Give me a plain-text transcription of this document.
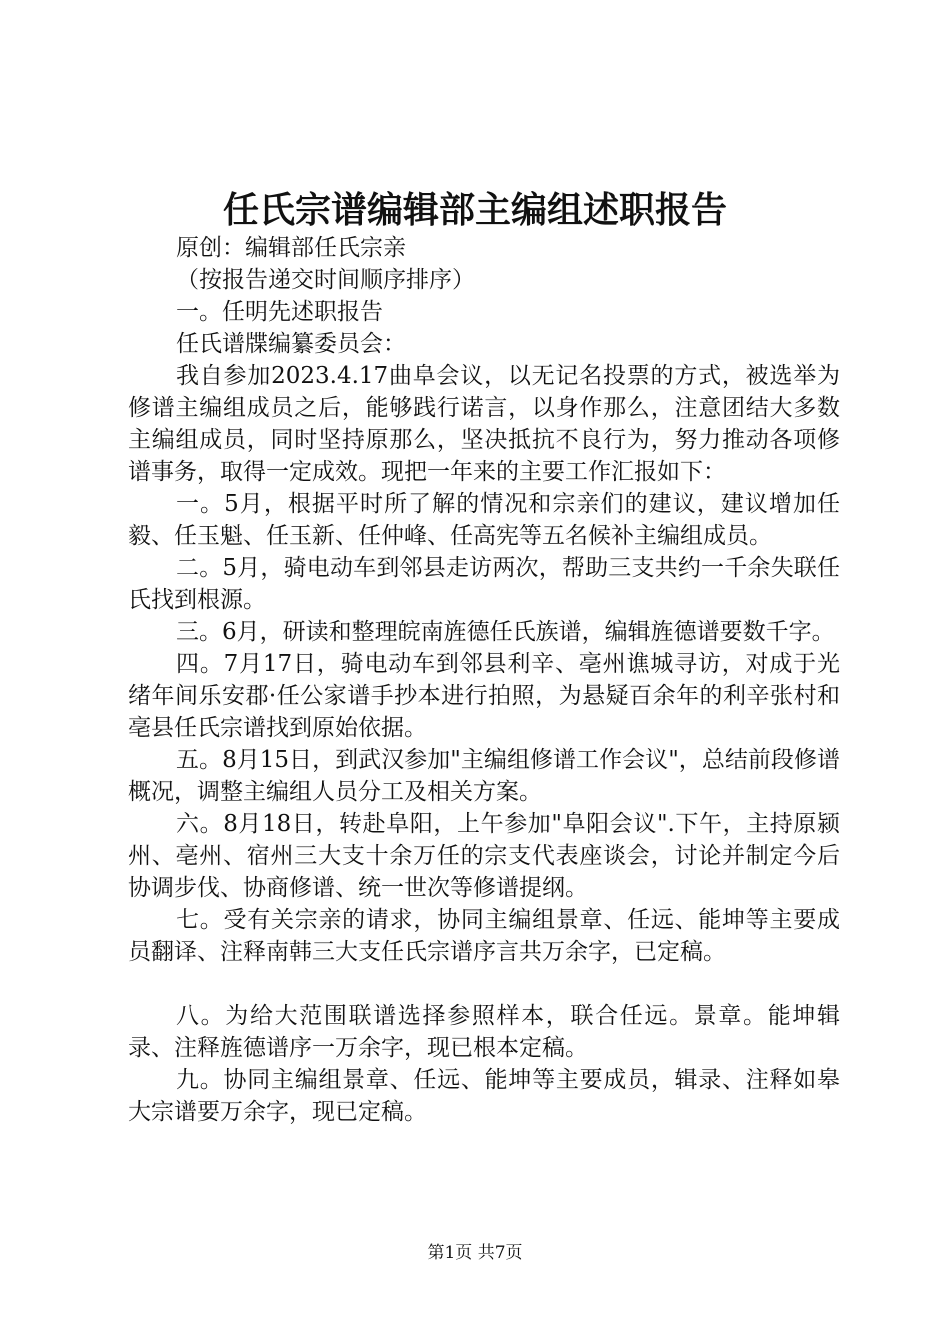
任氏宗谱编辑部主编组述职报告

原创：编辑部任氏宗亲

（按报告递交时间顺序排序）

一。任明先述职报告

任氏谱牒编纂委员会：

我自参加2023.4.17曲阜会议，以无记名投票的方式，被选举为修谱主编组成员之后，能够践行诺言，以身作那么，注意团结大多数主编组成员，同时坚持原那么，坚决抵抗不良行为，努力推动各项修谱事务，取得一定成效。现把一年来的主要工作汇报如下：

一。5月，根据平时所了解的情况和宗亲们的建议，建议增加任毅、任玉魁、任玉新、任仲峰、任高宪等五名候补主编组成员。

二。5月，骑电动车到邻县走访两次，帮助三支共约一千余失联任氏找到根源。

三。6月，研读和整理皖南旌德任氏族谱，编辑旌德谱要数千字。

四。7月17日，骑电动车到邻县利辛、亳州谯城寻访，对成于光绪年间乐安郡·任公家谱手抄本进行拍照，为悬疑百余年的利辛张村和亳县任氏宗谱找到原始依据。

五。8月15日，到武汉参加"主编组修谱工作会议"，总结前段修谱概况，调整主编组人员分工及相关方案。

六。8月18日，转赴阜阳，上午参加"阜阳会议".下午，主持原颍州、亳州、宿州三大支十余万任的宗支代表座谈会，讨论并制定今后协调步伐、协商修谱、统一世次等修谱提纲。

七。受有关宗亲的请求，协同主编组景章、任远、能坤等主要成员翻译、注释南韩三大支任氏宗谱序言共万余字，已定稿。

八。为给大范围联谱选择参照样本，联合任远。景章。能坤辑录、注释旌德谱序一万余字，现已根本定稿。

九。协同主编组景章、任远、能坤等主要成员，辑录、注释如皋大宗谱要万余字，现已定稿。

第1页 共7页
